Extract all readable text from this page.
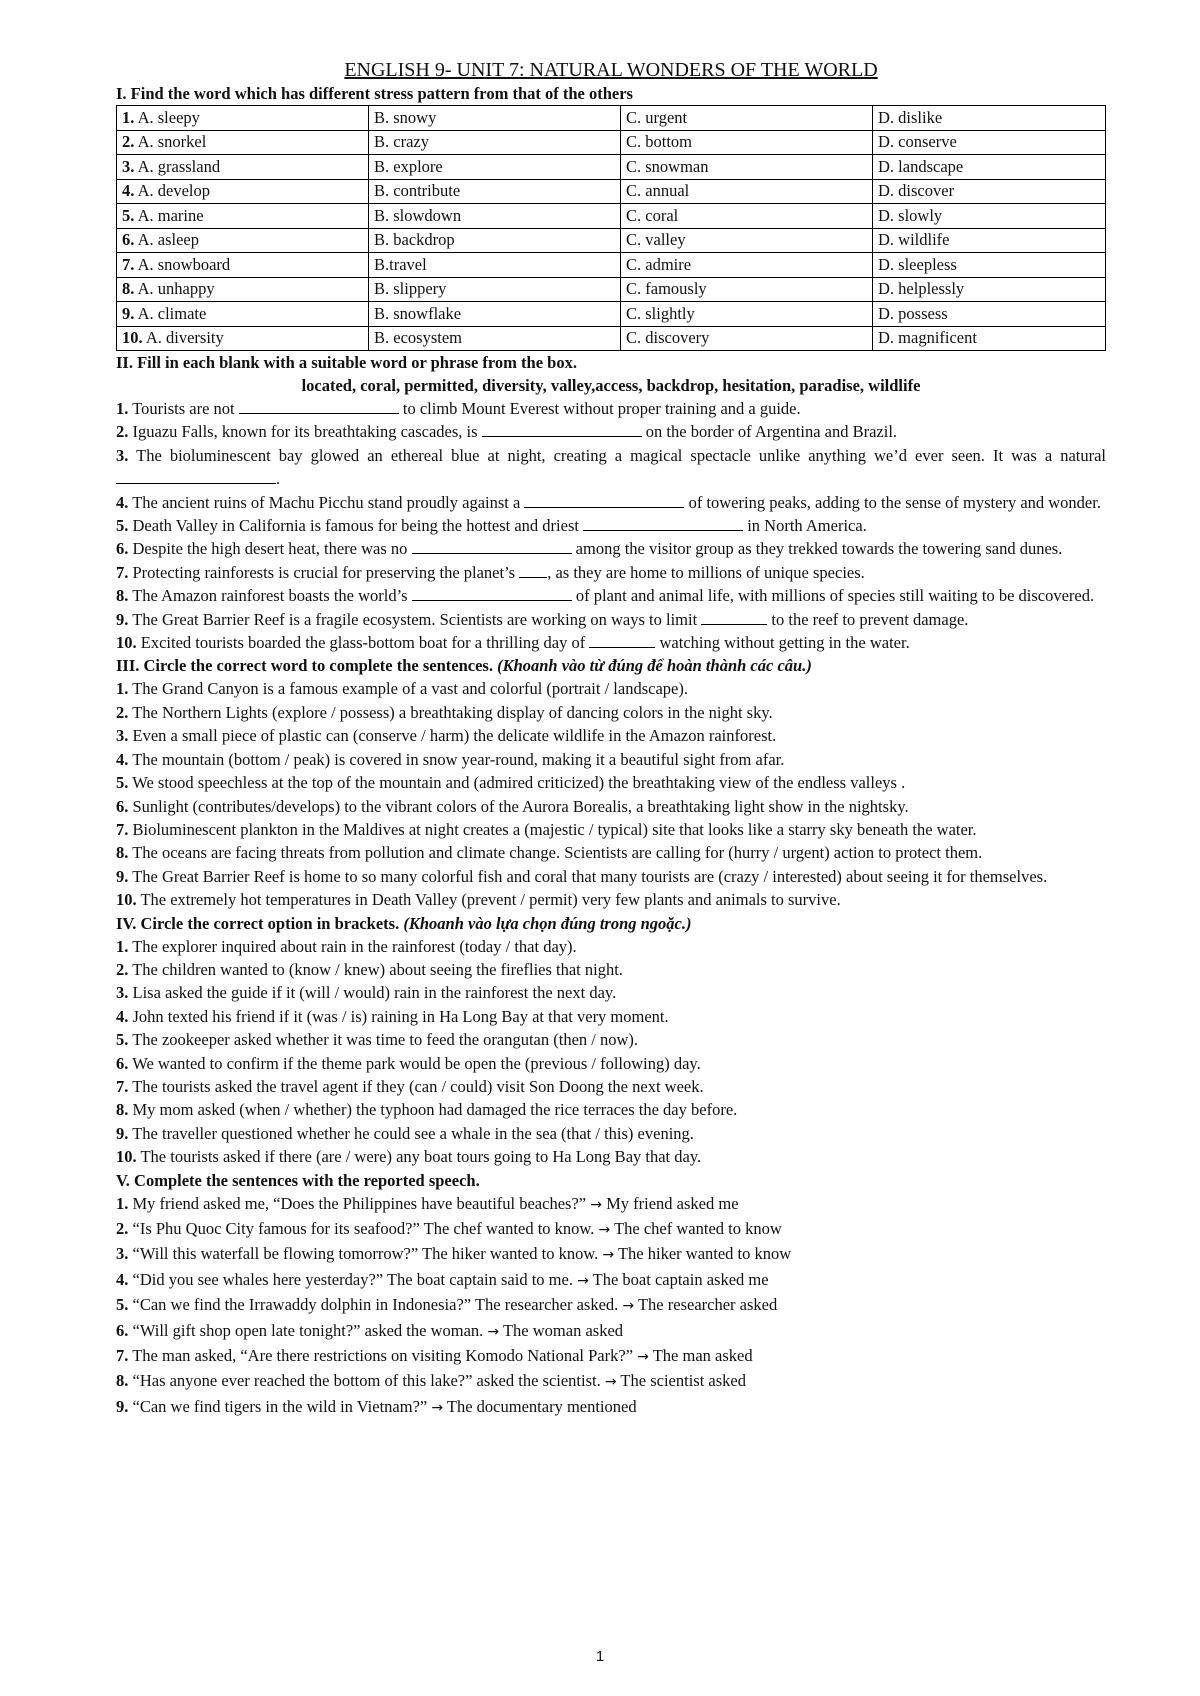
ENGLISH 9- UNIT 7: NATURAL WONDERS OF THE WORLD

I. Find the word which has different stress pattern from that of the others

1. A. sleepy	B. snowy	C. urgent	D. dislike
2. A. snorkel	B. crazy	C. bottom	D. conserve
3. A. grassland	B. explore	C. snowman	D. landscape
4. A. develop	B. contribute	C. annual	D. discover
5. A. marine	B. slowdown	C. coral	D. slowly
6. A. asleep	B. backdrop	C. valley	D. wildlife
7. A. snowboard	B.travel	C. admire	D. sleepless
8. A. unhappy	B. slippery	C. famously	D. helplessly
9. A. climate	B. snowflake	C. slightly	D. possess
10. A. diversity	B. ecosystem	C. discovery	D. magnificent

II. Fill in each blank with a suitable word or phrase from the box.

located, coral, permitted, diversity, valley,access, backdrop, hesitation, paradise, wildlife

1. Tourists are not	to climb Mount Everest without proper training and a guide.

2. Iguazu Falls, known for its breathtaking cascades, is	on the border of Argentina and Brazil.

3. The bioluminescent bay glowed an ethereal blue at night, creating a magical spectacle unlike anything we’d ever seen. It was a natural .

4. The ancient ruins of Machu Picchu stand proudly against a	of towering peaks, adding to the sense of mystery and wonder.

5. Death Valley in California is famous for being the hottest and driest	in North America.

6. Despite the high desert heat, there was no	among the visitor group as they trekked towards the towering sand dunes.

7. Protecting rainforests is crucial for preserving the planet’s , as they are home to millions of unique species.

8. The Amazon rainforest boasts the world’s	of plant and animal life, with millions of species still waiting to be discovered.

9. The Great Barrier Reef is a fragile ecosystem. Scientists are working on ways to limit	to the reef to prevent damage.

10. Excited tourists boarded the glass-bottom boat for a thrilling day of	watching without getting in the water.

III. Circle the correct word to complete the sentences. (Khoanh vào từ đúng để hoàn thành các câu.)

1. The Grand Canyon is a famous example of a vast and colorful (portrait / landscape).

2. The Northern Lights (explore / possess) a breathtaking display of dancing colors in the night sky.

3. Even a small piece of plastic can (conserve / harm) the delicate wildlife in the Amazon rainforest.

4. The mountain (bottom / peak) is covered in snow year-round, making it a beautiful sight from afar.

5. We stood speechless at the top of the mountain and (admired criticized) the breathtaking view of the endless valleys .

6. Sunlight (contributes/develops) to the vibrant colors of the Aurora Borealis, a breathtaking light show in the nightsky.

7. Bioluminescent plankton in the Maldives at night creates a (majestic / typical) site that looks like a starry sky beneath the water.

8. The oceans are facing threats from pollution and climate change. Scientists are calling for (hurry / urgent) action to protect them.

9. The Great Barrier Reef is home to so many colorful fish and coral that many tourists are (crazy / interested) about seeing it for themselves.

10. The extremely hot temperatures in Death Valley (prevent / permit) very few plants and animals to survive.

IV. Circle the correct option in brackets. (Khoanh vào lựa chọn đúng trong ngoặc.)

1. The explorer inquired about rain in the rainforest (today / that day).

2. The children wanted to (know / knew) about seeing the fireflies that night.

3. Lisa asked the guide if it (will / would) rain in the rainforest the next day.

4. John texted his friend if it (was / is) raining in Ha Long Bay at that very moment.

5. The zookeeper asked whether it was time to feed the orangutan (then / now).

6. We wanted to confirm if the theme park would be open the (previous / following) day.

7. The tourists asked the travel agent if they (can / could) visit Son Doong the next week.

8. My mom asked (when / whether) the typhoon had damaged the rice terraces the day before.

9. The traveller questioned whether he could see a whale in the sea (that / this) evening.

10. The tourists asked if there (are / were) any boat tours going to Ha Long Bay that day.

V. Complete the sentences with the reported speech.

1. My friend asked me, “Does the Philippines have beautiful beaches?” → My friend asked me

2. “Is Phu Quoc City famous for its seafood?” The chef wanted to know. → The chef wanted to know

3. “Will this waterfall be flowing tomorrow?” The hiker wanted to know. → The hiker wanted to know

4. “Did you see whales here yesterday?” The boat captain said to me. → The boat captain asked me

5. “Can we find the Irrawaddy dolphin in Indonesia?” The researcher asked. → The researcher asked

6. “Will gift shop open late tonight?” asked the woman. → The woman asked

7. The man asked, “Are there restrictions on visiting Komodo National Park?” → The man asked

8. “Has anyone ever reached the bottom of this lake?” asked the scientist. → The scientist asked

9. “Can we find tigers in the wild in Vietnam?” → The documentary mentioned

1
